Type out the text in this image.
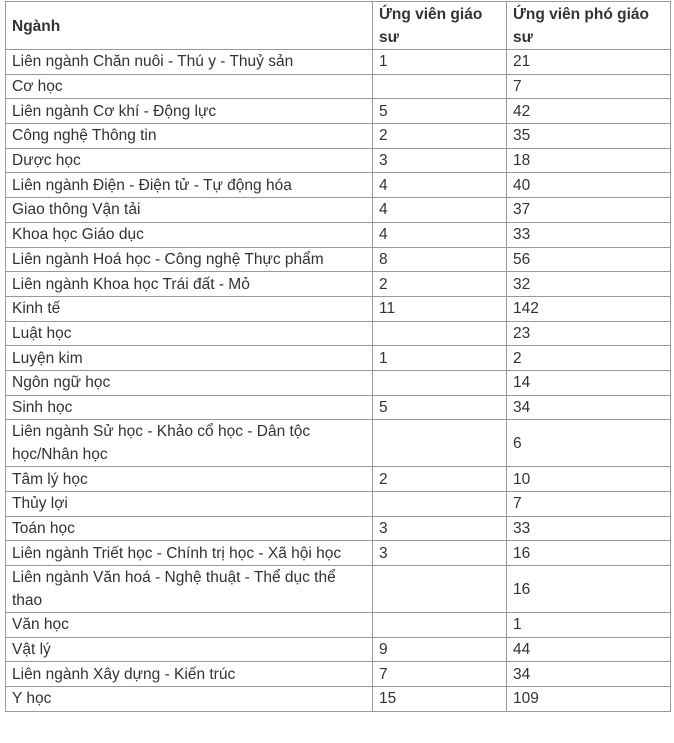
Ngành	Ứng viên giáo sư	Ứng viên phó giáo sư
Liên ngành Chăn nuôi - Thú y - Thuỷ sản	1	21
Cơ học		7
Liên ngành Cơ khí - Động lực	5	42
Công nghệ Thông tin	2	35
Dược học	3	18
Liên ngành Điện - Điện tử - Tự động hóa	4	40
Giao thông Vận tải	4	37
Khoa học Giáo dục	4	33
Liên ngành Hoá học - Công nghệ Thực phẩm	8	56
Liên ngành Khoa học Trái đất - Mỏ	2	32
Kinh tế	11	142
Luật học		23
Luyện kim	1	2
Ngôn ngữ học		14
Sinh học	5	34
Liên ngành Sử học - Khảo cổ học - Dân tộc học/Nhân học		6
Tâm lý học	2	10
Thủy lợi		7
Toán học	3	33
Liên ngành Triết học - Chính trị học - Xã hội học	3	16
Liên ngành Văn hoá - Nghệ thuật - Thể dục thể thao		16
Văn học		1
Vật lý	9	44
Liên ngành Xây dựng - Kiến trúc	7	34
Y học	15	109
